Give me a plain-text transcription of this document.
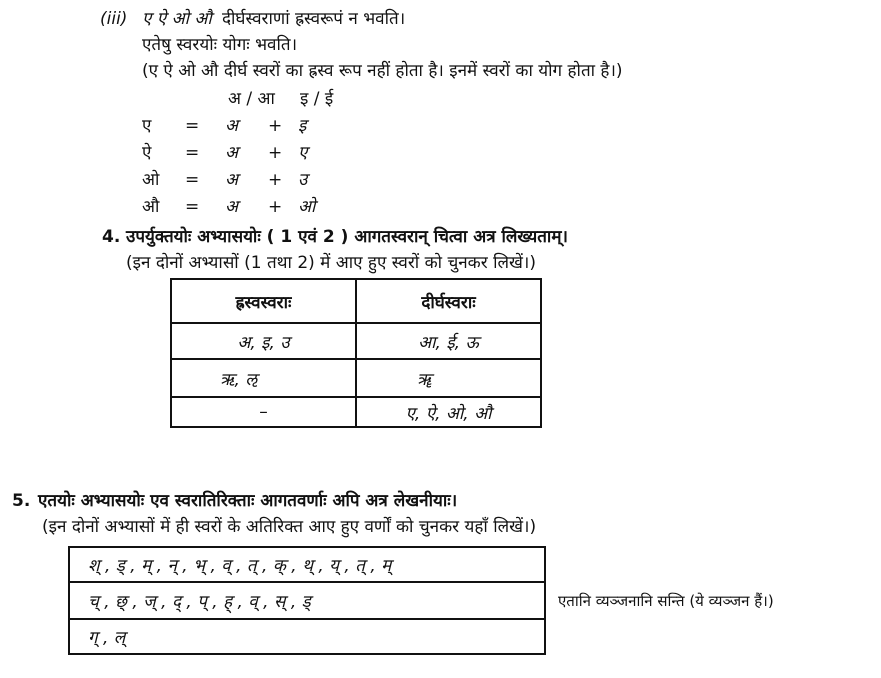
(iii) ए ऐ ओ औ दीर्घस्वराणां ह्रस्वरूपं न भवति।
एतेषु स्वरयोः योगः भवति।
(ए ऐ ओ औ दीर्घ स्वरों का ह्रस्व रूप नहीं होता है। इनमें स्वरों का योग होता है।)
अ / आ इ / ई
ए = अ + इ
ऐ = अ + ए
ओ = अ + उ
औ = अ + ओ
4. उपर्युक्तयोः अभ्यासयोः ( 1 एवं 2 ) आगतस्वरान् चित्वा अत्र लिख्यताम्।
(इन दोनों अभ्यासों (1 तथा 2) में आए हुए स्वरों को चुनकर लिखें।)
ह्रस्वस्वराः	दीर्घस्वराः
अ, इ, उ	आ, ई, ऊ
ऋ, ऌ	ॠ
–	ए, ऐ, ओ, औ
5. एतयोः अभ्यासयोः एव स्वरातिरिक्ताः आगतवर्णाः अपि अत्र लेखनीयाः।
(इन दोनों अभ्यासों में ही स्वरों के अतिरिक्त आए हुए वर्णों को चुनकर यहाँ लिखें।)
श् , ड् , म् , न् , भ् , व् , त् , क् , थ् , य् , त् , म्
च् , छ् , ज् , द् , प् , ह् , व् , स् , ड्
ग् , ल्
एतानि व्यञ्जनानि सन्ति (ये व्यञ्जन हैं।)
